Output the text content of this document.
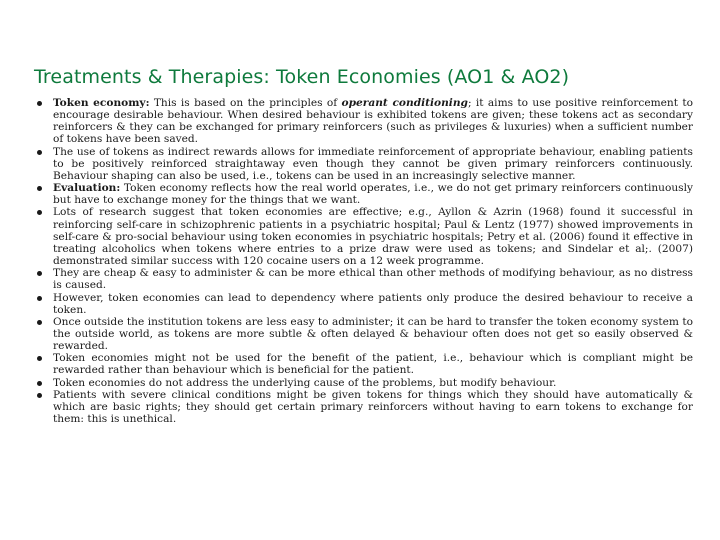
Treatments & Therapies: Token Economies (AO1 & AO2)
Token economy: This is based on the principles of operant conditioning; it aims to use positive reinforcement to encourage desirable behaviour. When desired behaviour is exhibited tokens are given; these tokens act as secondary reinforcers & they can be exchanged for primary reinforcers (such as privileges & luxuries) when a sufficient number of tokens have been saved.
The use of tokens as indirect rewards allows for immediate reinforcement of appropriate behaviour, enabling patients to be positively reinforced straightaway even though they cannot be given primary reinforcers continuously. Behaviour shaping can also be used, i.e., tokens can be used in an increasingly selective manner.
Evaluation: Token economy reflects how the real world operates, i.e., we do not get primary reinforcers continuously but have to exchange money for the things that we want.
Lots of research suggest that token economies are effective; e.g., Ayllon & Azrin (1968) found it successful in reinforcing self-care in schizophrenic patients in a psychiatric hospital; Paul & Lentz (1977) showed improvements in self-care & pro-social behaviour using token economies in psychiatric hospitals; Petry et al. (2006) found it effective in treating alcoholics when tokens where entries to a prize draw were used as tokens; and Sindelar et al;. (2007) demonstrated similar success with 120 cocaine users on a 12 week programme.
They are cheap & easy to administer & can be more ethical than other methods of modifying behaviour, as no distress is caused.
However, token economies can lead to dependency where patients only produce the desired behaviour to receive a token.
Once outside the institution tokens are less easy to administer; it can be hard to transfer the token economy system to the outside world, as tokens are more subtle & often delayed & behaviour often does not get so easily observed & rewarded.
Token economies might not be used for the benefit of the patient, i.e., behaviour which is compliant might be rewarded rather than behaviour which is beneficial for the patient.
Token economies do not address the underlying cause of the problems, but modify behaviour.
Patients with severe clinical conditions might be given tokens for things which they should have automatically & which are basic rights; they should get certain primary reinforcers without having to earn tokens to exchange for them: this is unethical.
